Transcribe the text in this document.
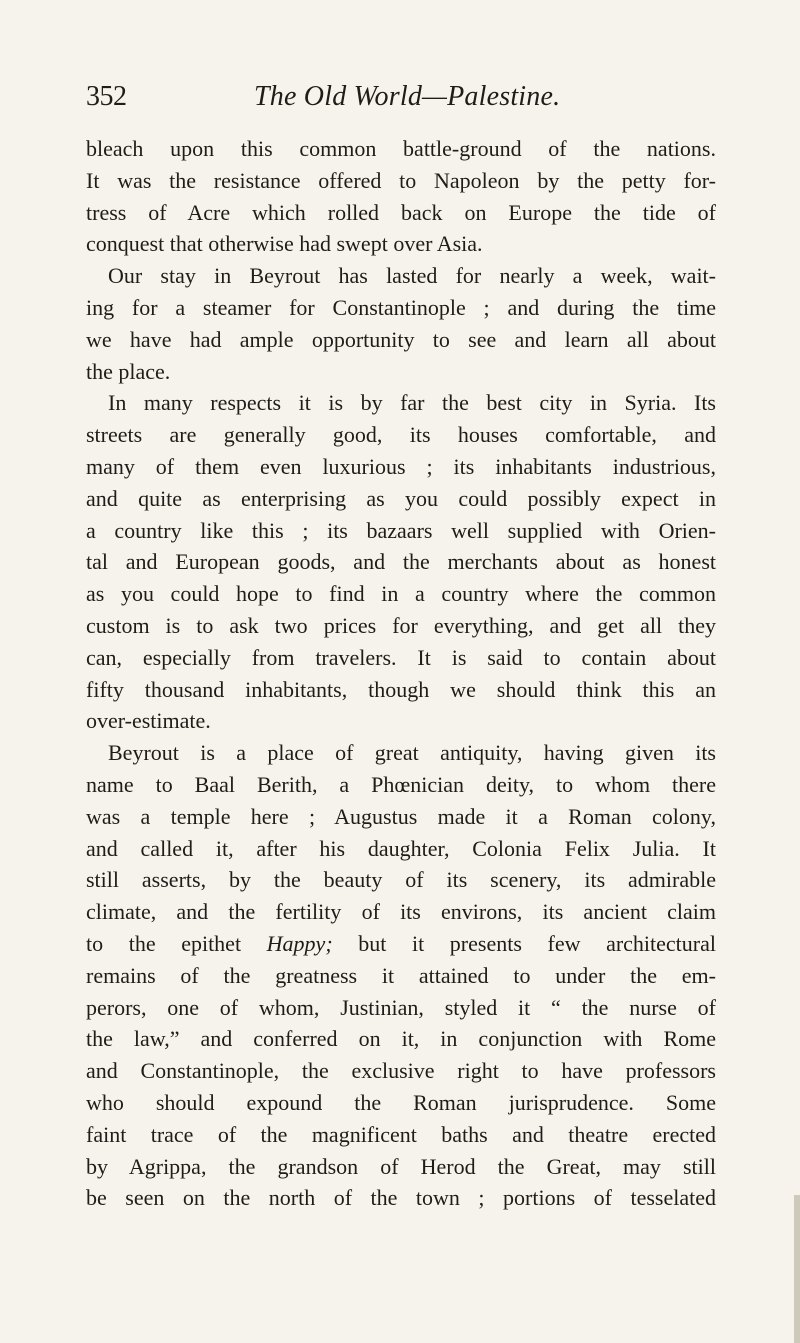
352	The Old World—Palestine.
bleach upon this common battle-ground of the nations.
It was the resistance offered to Napoleon by the petty for-
tress of Acre which rolled back on Europe the tide of
conquest that otherwise had swept over Asia.
Our stay in Beyrout has lasted for nearly a week, wait-
ing for a steamer for Constantinople ; and during the time
we have had ample opportunity to see and learn all about
the place.
In many respects it is by far the best city in Syria. Its
streets are generally good, its houses comfortable, and
many of them even luxurious ; its inhabitants industrious,
and quite as enterprising as you could possibly expect in
a country like this ; its bazaars well supplied with Orien-
tal and European goods, and the merchants about as honest
as you could hope to find in a country where the common
custom is to ask two prices for everything, and get all they
can, especially from travelers. It is said to contain about
fifty thousand inhabitants, though we should think this an
over-estimate.
Beyrout is a place of great antiquity, having given its
name to Baal Berith, a Phœnician deity, to whom there
was a temple here ; Augustus made it a Roman colony,
and called it, after his daughter, Colonia Felix Julia. It
still asserts, by the beauty of its scenery, its admirable
climate, and the fertility of its environs, its ancient claim
to the epithet Happy; but it presents few architectural
remains of the greatness it attained to under the em-
perors, one of whom, Justinian, styled it “ the nurse of
the law,” and conferred on it, in conjunction with Rome
and Constantinople, the exclusive right to have professors
who should expound the Roman jurisprudence. Some
faint trace of the magnificent baths and theatre erected
by Agrippa, the grandson of Herod the Great, may still
be seen on the north of the town ; portions of tesselated
